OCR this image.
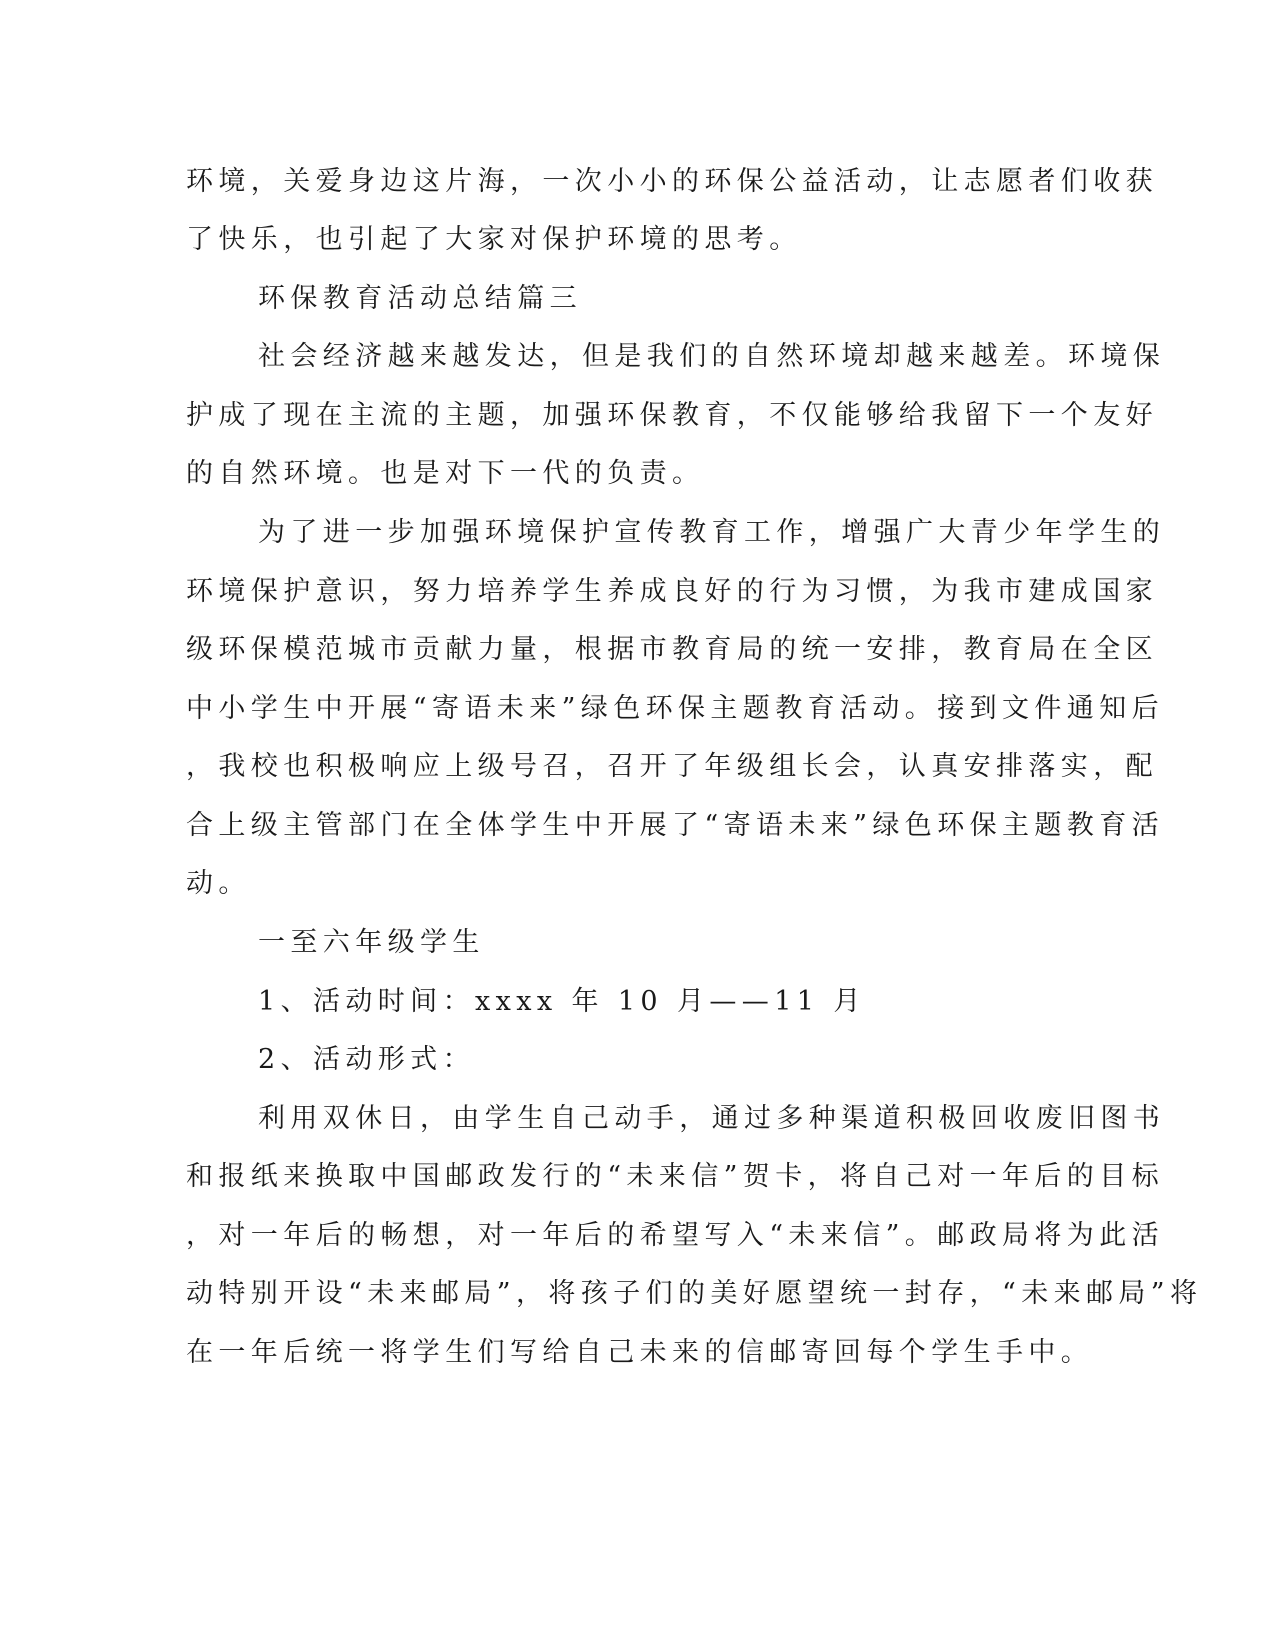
环境，关爱身边这片海，一次小小的环保公益活动，让志愿者们收获

了快乐，也引起了大家对保护环境的思考。

环保教育活动总结篇三

社会经济越来越发达，但是我们的自然环境却越来越差。环境保

护成了现在主流的主题，加强环保教育，不仅能够给我留下一个友好

的自然环境。也是对下一代的负责。

为了进一步加强环境保护宣传教育工作，增强广大青少年学生的

环境保护意识，努力培养学生养成良好的行为习惯，为我市建成国家

级环保模范城市贡献力量，根据市教育局的统一安排，教育局在全区

中小学生中开展“寄语未来”绿色环保主题教育活动。接到文件通知后

，我校也积极响应上级号召，召开了年级组长会，认真安排落实，配

合上级主管部门在全体学生中开展了“寄语未来”绿色环保主题教育活

动。

一至六年级学生

1、活动时间：xxxx 年 10 月——11 月

2、活动形式：

利用双休日，由学生自己动手，通过多种渠道积极回收废旧图书

和报纸来换取中国邮政发行的“未来信”贺卡，将自己对一年后的目标

，对一年后的畅想，对一年后的希望写入“未来信”。邮政局将为此活

动特别开设“未来邮局”，将孩子们的美好愿望统一封存，“未来邮局”将

在一年后统一将学生们写给自己未来的信邮寄回每个学生手中。
